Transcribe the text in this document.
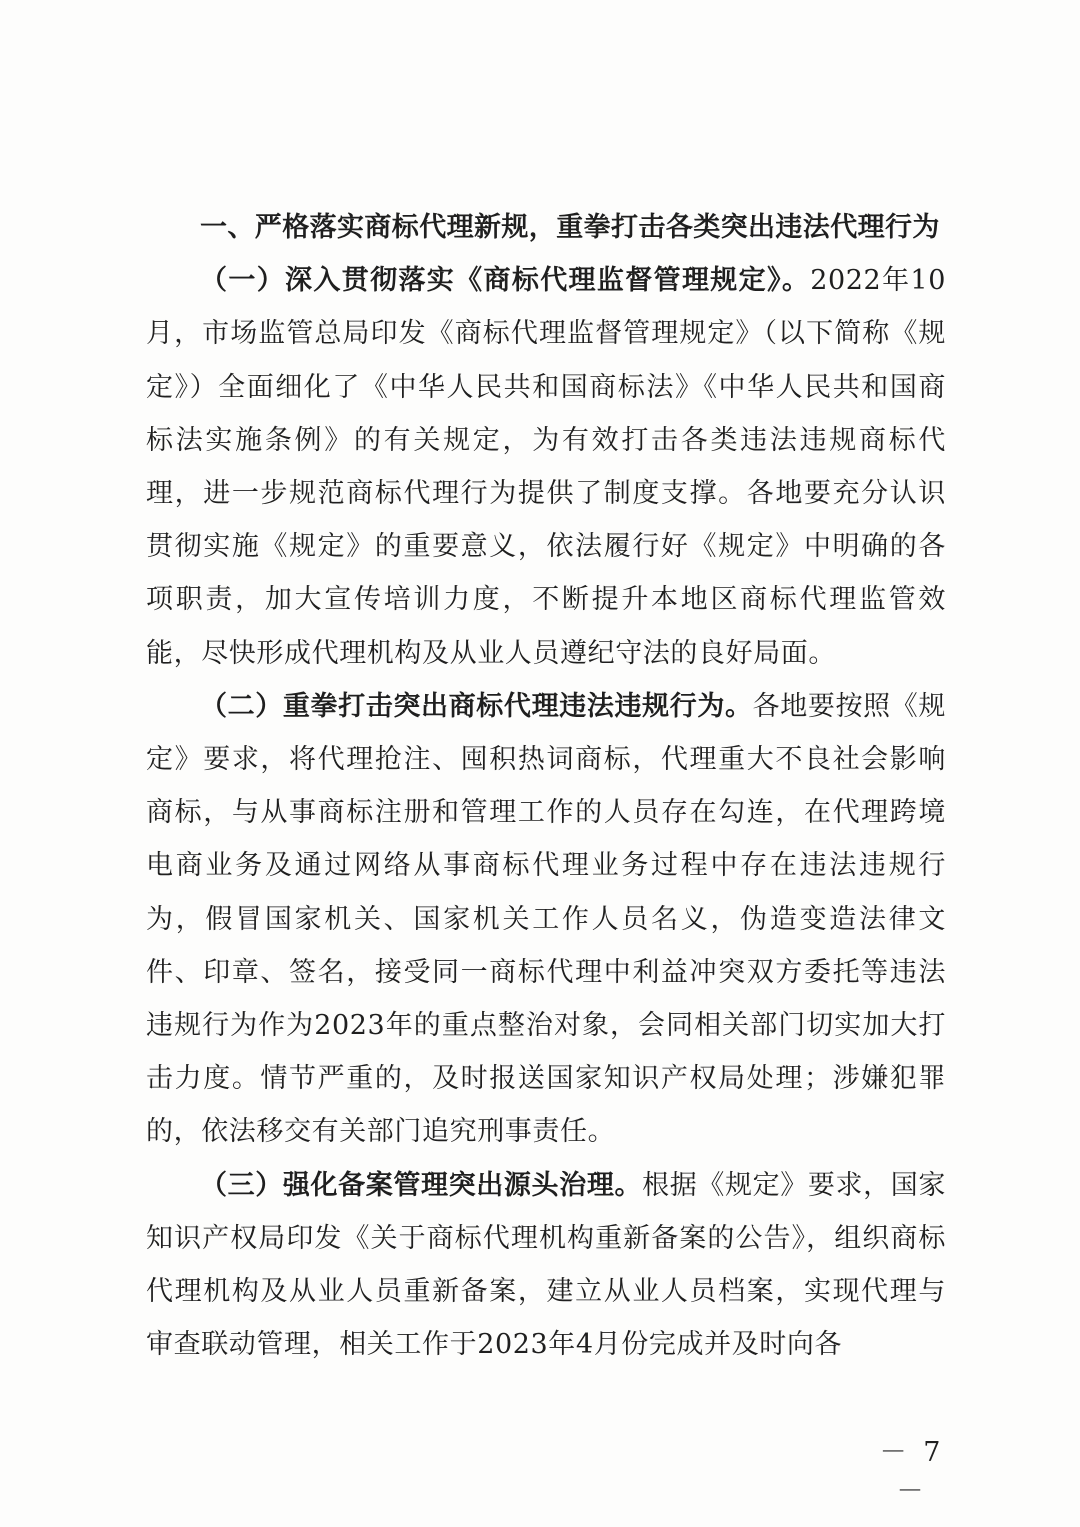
一、严格落实商标代理新规，重拳打击各类突出违法代理行为

（一）深入贯彻落实《商标代理监督管理规定》。2022年10月，市场监管总局印发《商标代理监督管理规定》（以下简称《规定》）全面细化了《中华人民共和国商标法》《中华人民共和国商标法实施条例》的有关规定，为有效打击各类违法违规商标代理，进一步规范商标代理行为提供了制度支撑。各地要充分认识贯彻实施《规定》的重要意义，依法履行好《规定》中明确的各项职责，加大宣传培训力度，不断提升本地区商标代理监管效能，尽快形成代理机构及从业人员遵纪守法的良好局面。

（二）重拳打击突出商标代理违法违规行为。各地要按照《规定》要求，将代理抢注、囤积热词商标，代理重大不良社会影响商标，与从事商标注册和管理工作的人员存在勾连，在代理跨境电商业务及通过网络从事商标代理业务过程中存在违法违规行为，假冒国家机关、国家机关工作人员名义，伪造变造法律文件、印章、签名，接受同一商标代理中利益冲突双方委托等违法违规行为作为2023年的重点整治对象，会同相关部门切实加大打击力度。情节严重的，及时报送国家知识产权局处理；涉嫌犯罪的，依法移交有关部门追究刑事责任。

（三）强化备案管理突出源头治理。根据《规定》要求，国家知识产权局印发《关于商标代理机构重新备案的公告》，组织商标代理机构及从业人员重新备案，建立从业人员档案，实现代理与审查联动管理，相关工作于2023年4月份完成并及时向各

－ 7 －
